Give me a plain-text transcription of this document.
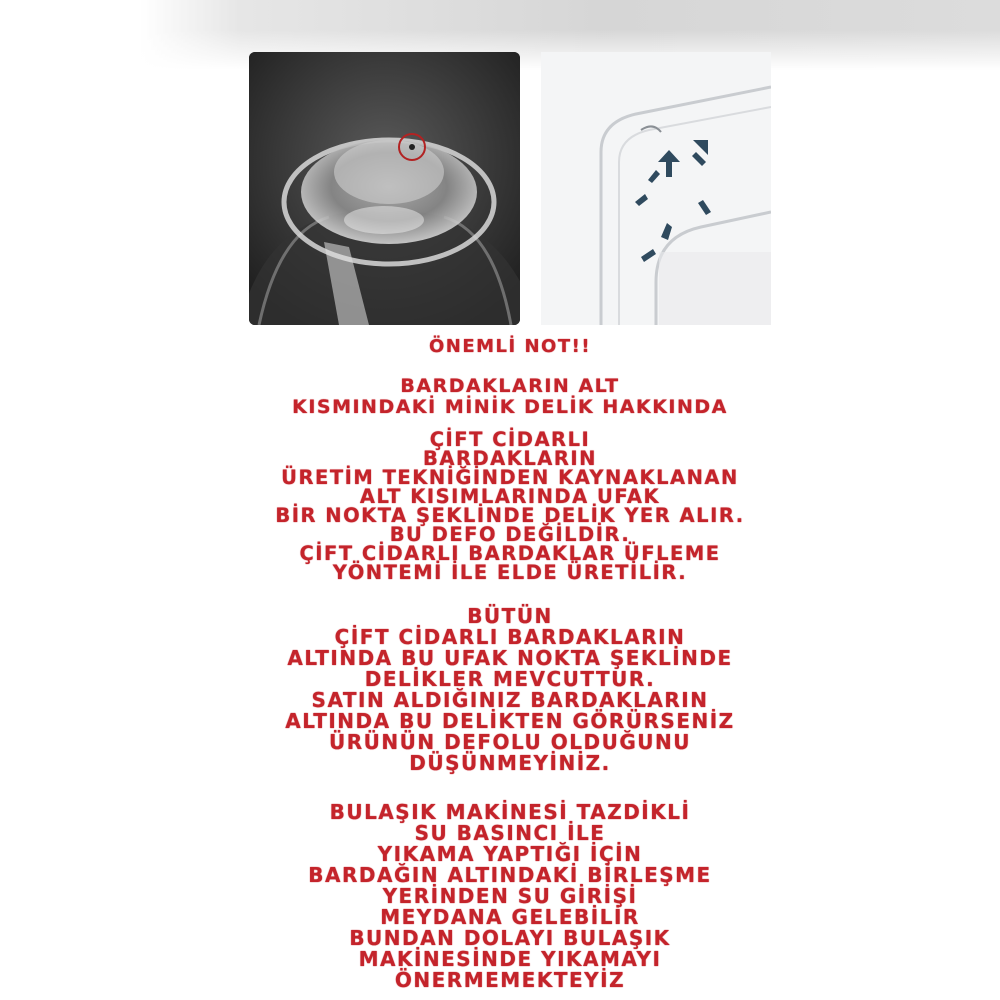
ÖNEMLİ NOT!!
BARDAKLARIN ALT
KISMINDAKİ MİNİK DELİK HAKKINDA
ÇİFT CİDARLI
BARDAKLARIN
ÜRETİM TEKNİĞİNDEN KAYNAKLANAN
ALT KISIMLARINDA UFAK
BİR NOKTA ŞEKLİNDE DELİK YER ALIR.
BU DEFO DEĞİLDİR.
ÇİFT CİDARLI BARDAKLAR ÜFLEME
YÖNTEMİ İLE ELDE ÜRETİLİR.
BÜTÜN
ÇİFT CİDARLI BARDAKLARIN
ALTINDA BU UFAK NOKTA ŞEKLİNDE
DELİKLER MEVCUTTUR.
SATIN ALDIĞINIZ BARDAKLARIN
ALTINDA BU DELİKTEN GÖRÜRSENİZ
ÜRÜNÜN DEFOLU OLDUĞUNU
DÜŞÜNMEYİNİZ.
BULAŞIK MAKİNESİ TAZDİKLİ
SU BASINCI İLE
YIKAMA YAPTIĞI İÇİN
BARDAĞIN ALTINDAKİ BİRLEŞME
YERİNDEN SU GİRİŞİ
MEYDANA GELEBİLİR
BUNDAN DOLAYI BULAŞIK
MAKİNESİNDE YIKAMAYI
ÖNERMEMEKTEYİZ
